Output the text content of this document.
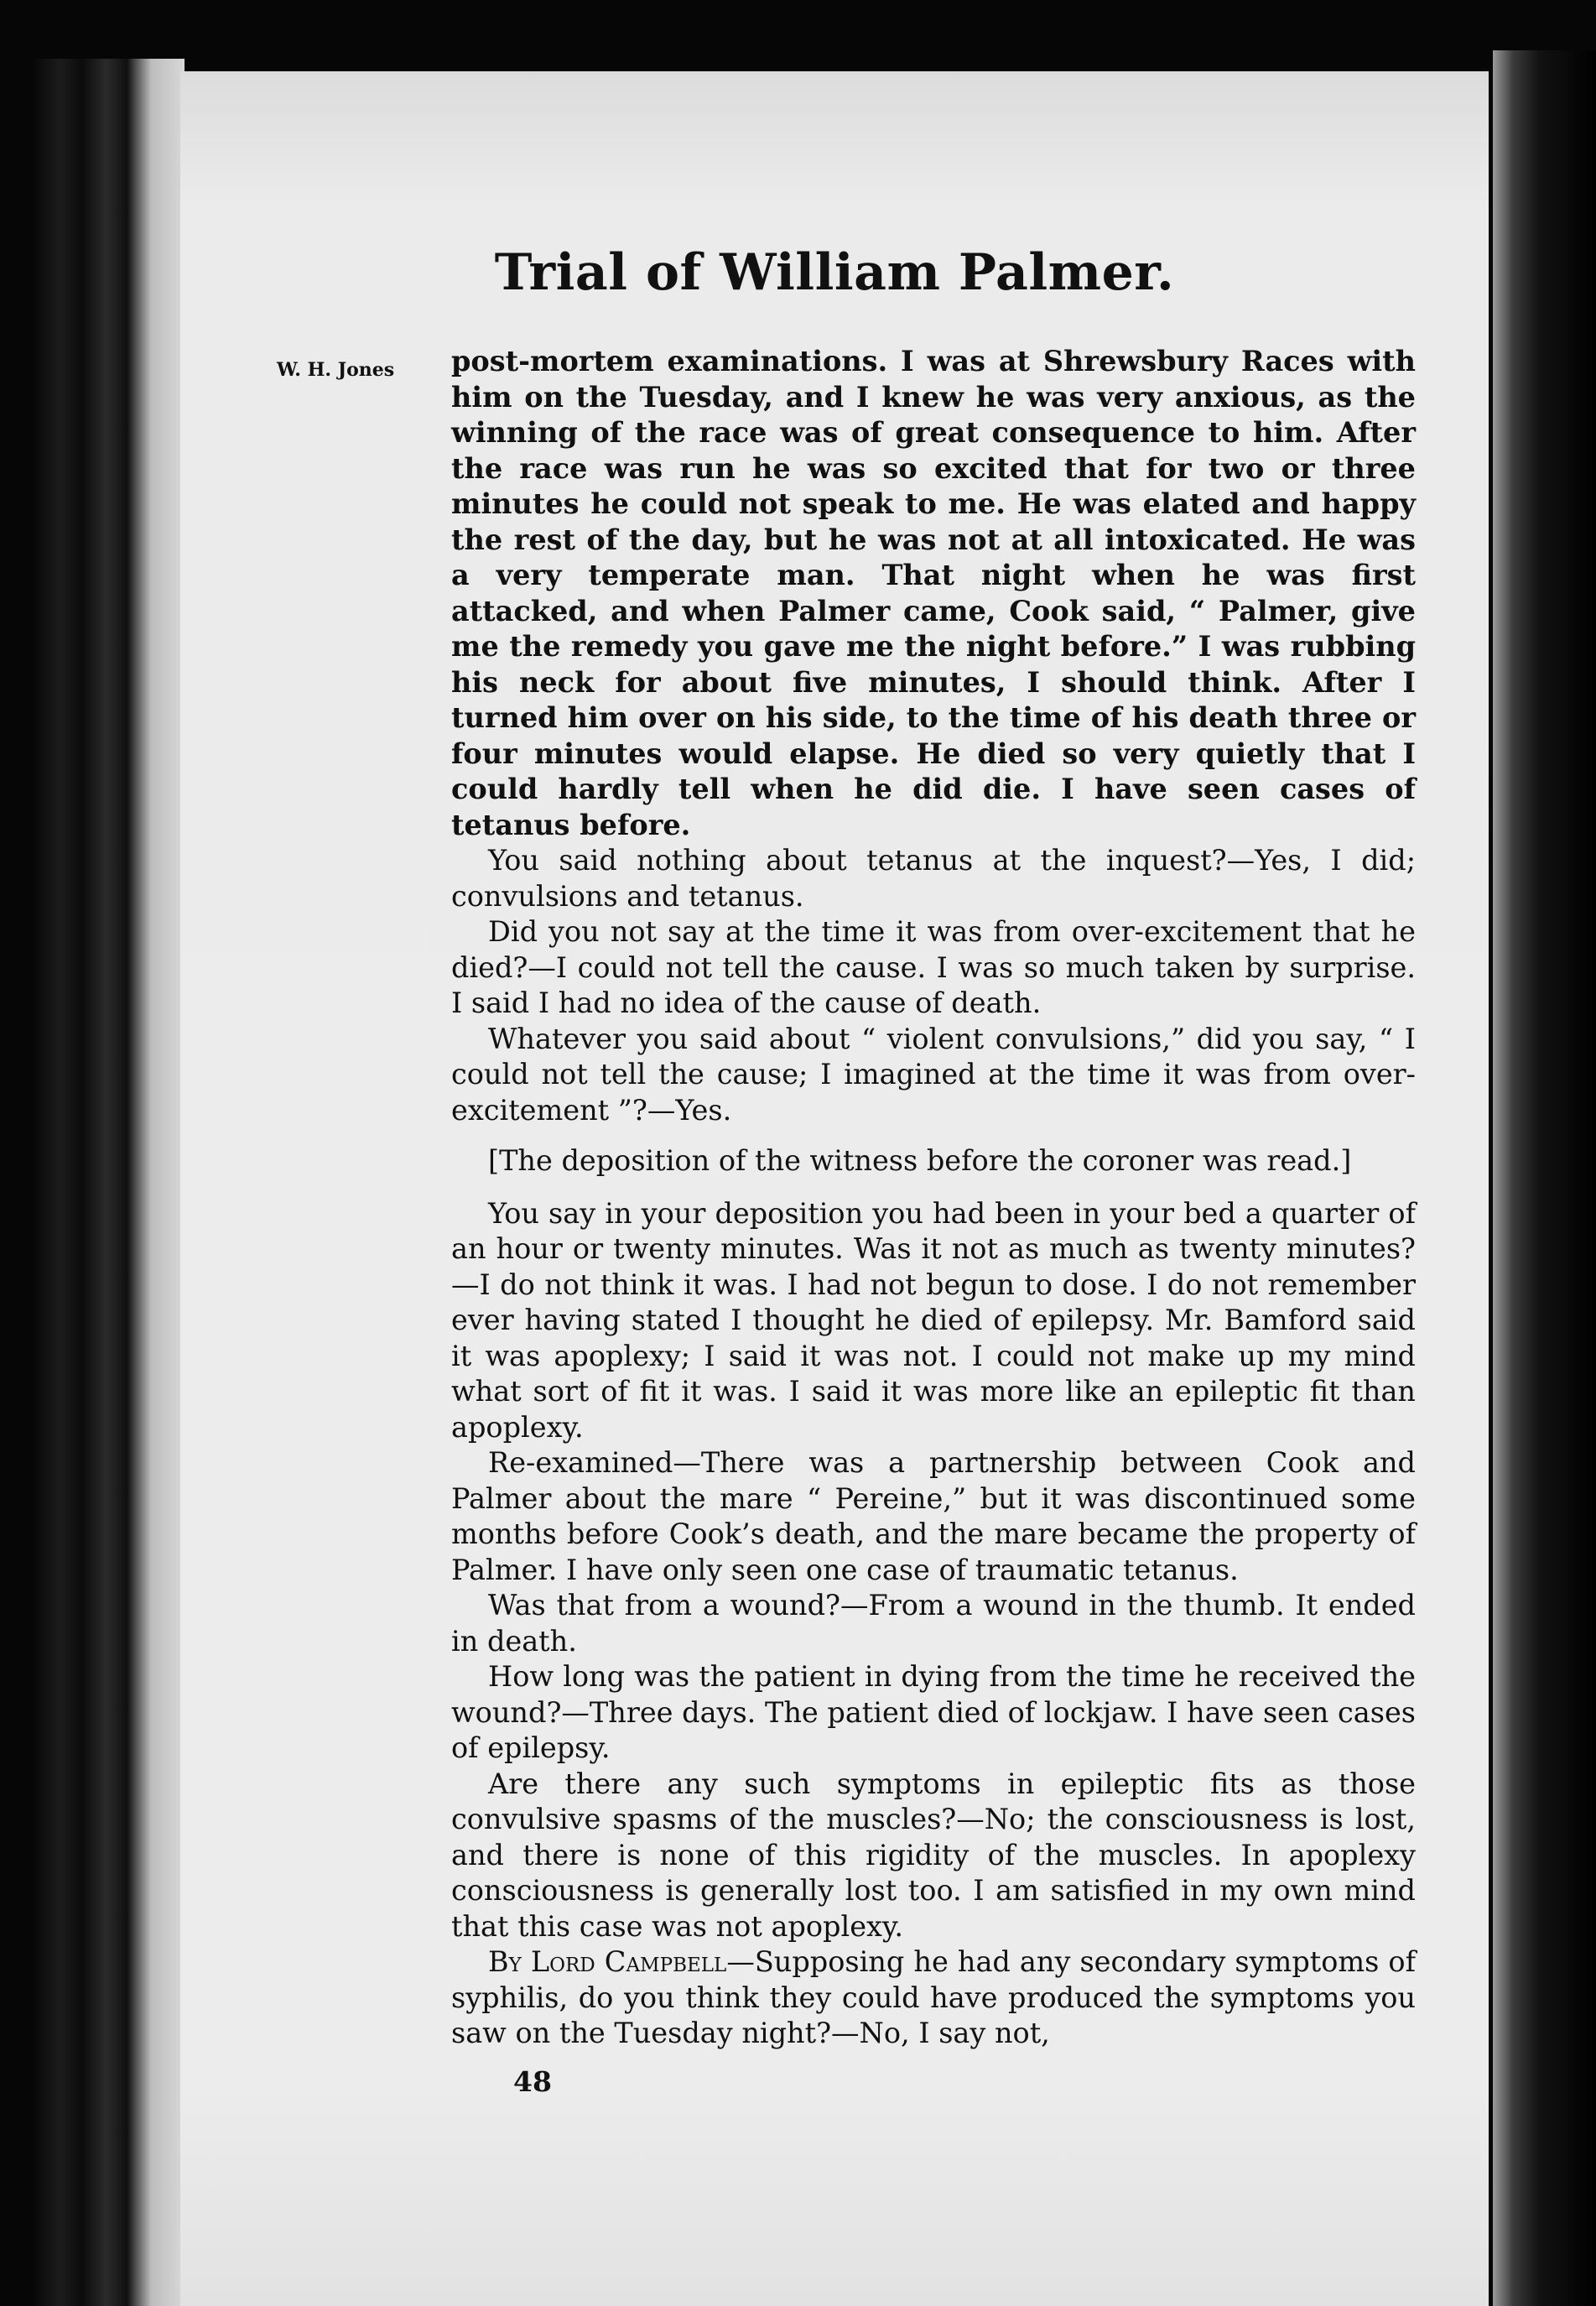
Trial of William Palmer.
W. H. Jones post-mortem examinations. I was at Shrewsbury Races with him on the Tuesday, and I knew he was very anxious, as the winning of the race was of great consequence to him. After the race was run he was so excited that for two or three minutes he could not speak to me. He was elated and happy the rest of the day, but he was not at all intoxicated. He was a very temperate man. That night when he was first attacked, and when Palmer came, Cook said, “ Palmer, give me the remedy you gave me the night before.” I was rubbing his neck for about five minutes, I should think. After I turned him over on his side, to the time of his death three or four minutes would elapse. He died so very quietly that I could hardly tell when he did die. I have seen cases of tetanus before.

You said nothing about tetanus at the inquest?—Yes, I did; convulsions and tetanus.

Did you not say at the time it was from over-excitement that he died?—I could not tell the cause. I was so much taken by surprise. I said I had no idea of the cause of death.

Whatever you said about “ violent convulsions,” did you say, “ I could not tell the cause; I imagined at the time it was from over-excitement ”?—Yes.

[The deposition of the witness before the coroner was read.]

You say in your deposition you had been in your bed a quarter of an hour or twenty minutes. Was it not as much as twenty minutes?—I do not think it was. I had not begun to dose. I do not remember ever having stated I thought he died of epilepsy. Mr. Bamford said it was apoplexy; I said it was not. I could not make up my mind what sort of fit it was. I said it was more like an epileptic fit than apoplexy.

Re-examined—There was a partnership between Cook and Palmer about the mare “ Pereine,” but it was discontinued some months before Cook’s death, and the mare became the property of Palmer. I have only seen one case of traumatic tetanus.

Was that from a wound?—From a wound in the thumb. It ended in death.

How long was the patient in dying from the time he received the wound?—Three days. The patient died of lockjaw. I have seen cases of epilepsy.

Are there any such symptoms in epileptic fits as those convulsive spasms of the muscles?—No; the consciousness is lost, and there is none of this rigidity of the muscles. In apoplexy consciousness is generally lost too. I am satisfied in my own mind that this case was not apoplexy.

By Lord Campbell—Supposing he had any secondary symptoms of syphilis, do you think they could have produced the symptoms you saw on the Tuesday night?—No, I say not,

48
